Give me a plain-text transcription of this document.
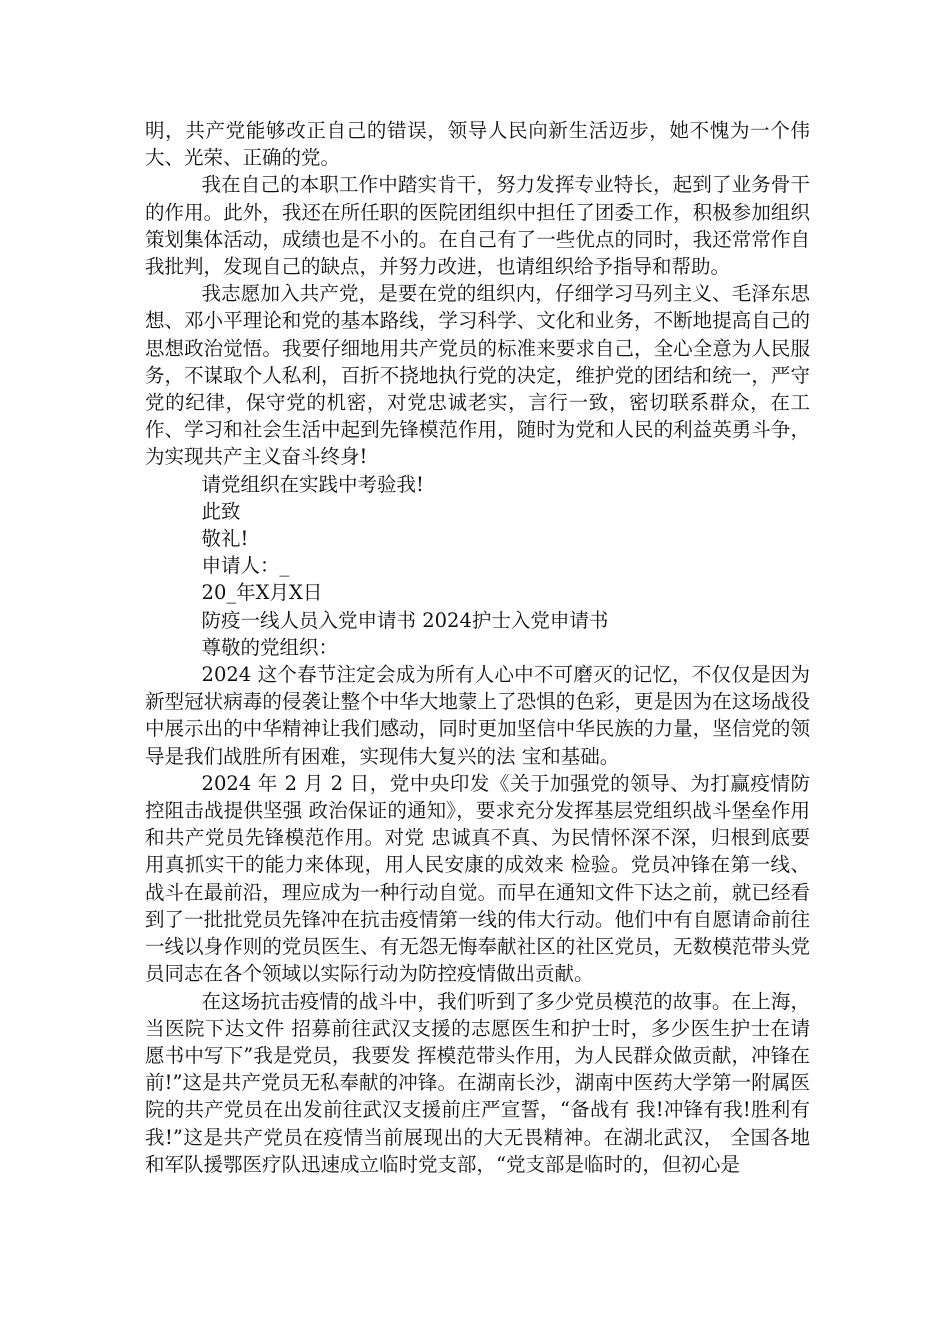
明，共产党能够改正自己的错误，领导人民向新生活迈步，她不愧为一个伟大、光荣、正确的党。

我在自己的本职工作中踏实肯干，努力发挥专业特长，起到了业务骨干的作用。此外，我还在所任职的医院团组织中担任了团委工作，积极参加组织策划集体活动，成绩也是不小的。在自己有了一些优点的同时，我还常常作自我批判，发现自己的缺点，并努力改进，也请组织给予指导和帮助。

我志愿加入共产党，是要在党的组织内，仔细学习马列主义、毛泽东思想、邓小平理论和党的基本路线，学习科学、文化和业务，不断地提高自己的思想政治觉悟。我要仔细地用共产党员的标准来要求自己，全心全意为人民服务，不谋取个人私利，百折不挠地执行党的决定，维护党的团结和统一，严守党的纪律，保守党的机密，对党忠诚老实，言行一致，密切联系群众，在工作、学习和社会生活中起到先锋模范作用，随时为党和人民的利益英勇斗争，为实现共产主义奋斗终身!

请党组织在实践中考验我!

此致

敬礼!

申请人：_

20_年X月X日

防疫一线人员入党申请书 2024护士入党申请书

尊敬的党组织：

2024 这个春节注定会成为所有人心中不可磨灭的记忆，不仅仅是因为新型冠状病毒的侵袭让整个中华大地蒙上了恐惧的色彩，更是因为在这场战役中展示出的中华精神让我们感动，同时更加坚信中华民族的力量，坚信党的领导是我们战胜所有困难，实现伟大复兴的法 宝和基础。

2024 年 2 月 2 日，党中央印发《关于加强党的领导、为打赢疫情防控阻击战提供坚强 政治保证的通知》，要求充分发挥基层党组织战斗堡垒作用和共产党员先锋模范作用。对党 忠诚真不真、为民情怀深不深，归根到底要用真抓实干的能力来体现，用人民安康的成效来 检验。党员冲锋在第一线、战斗在最前沿，理应成为一种行动自觉。而早在通知文件下达之前，就已经看到了一批批党员先锋冲在抗击疫情第一线的伟大行动。他们中有自愿请命前往 一线以身作则的党员医生、有无怨无悔奉献社区的社区党员，无数模范带头党员同志在各个领域以实际行动为防控疫情做出贡献。

在这场抗击疫情的战斗中，我们听到了多少党员模范的故事。在上海，当医院下达文件 招募前往武汉支援的志愿医生和护士时，多少医生护士在请愿书中写下”我是党员，我要发 挥模范带头作用，为人民群众做贡献，冲锋在前!”这是共产党员无私奉献的冲锋。在湖南长沙，湖南中医药大学第一附属医院的共产党员在出发前往武汉支援前庄严宣誓，“备战有 我!冲锋有我!胜利有我!”这是共产党员在疫情当前展现出的大无畏精神。在湖北武汉， 全国各地和军队援鄂医疗队迅速成立临时党支部，“党支部是临时的，但初心是
